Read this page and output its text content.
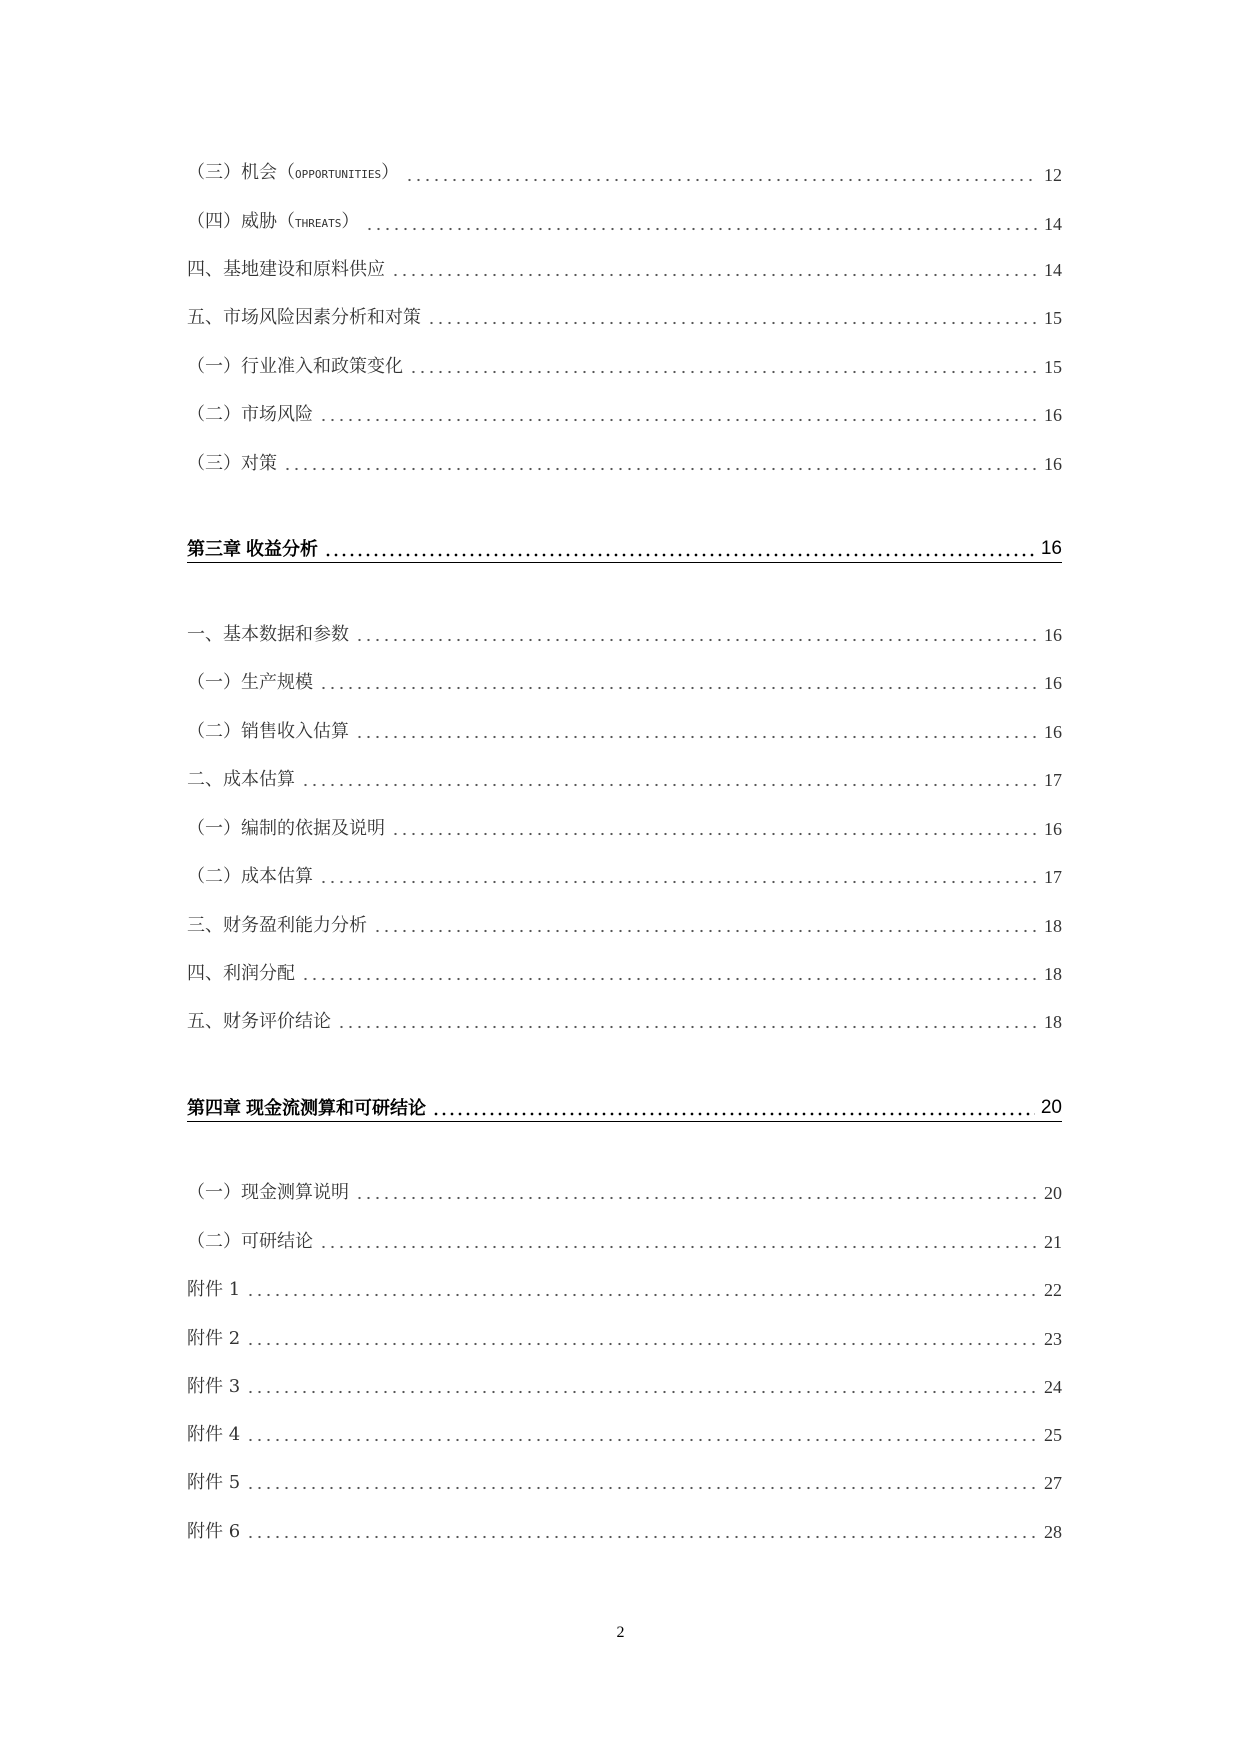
（三）机会（OPPORTUNITIES）	12
（四）威胁（THREATS）	14
四、基地建设和原料供应	14
五、市场风险因素分析和对策	15
（一）行业准入和政策变化	15
（二）市场风险	16
（三）对策	16
第三章 收益分析	16
一、基本数据和参数	16
（一）生产规模	16
（二）销售收入估算	16
二、成本估算	17
（一）编制的依据及说明	16
（二）成本估算	17
三、财务盈利能力分析	18
四、利润分配	18
五、财务评价结论	18
第四章 现金流测算和可研结论	20
（一）现金测算说明	20
（二）可研结论	21
附件 1	22
附件 2	23
附件 3	24
附件 4	25
附件 5	27
附件 6	28
2
